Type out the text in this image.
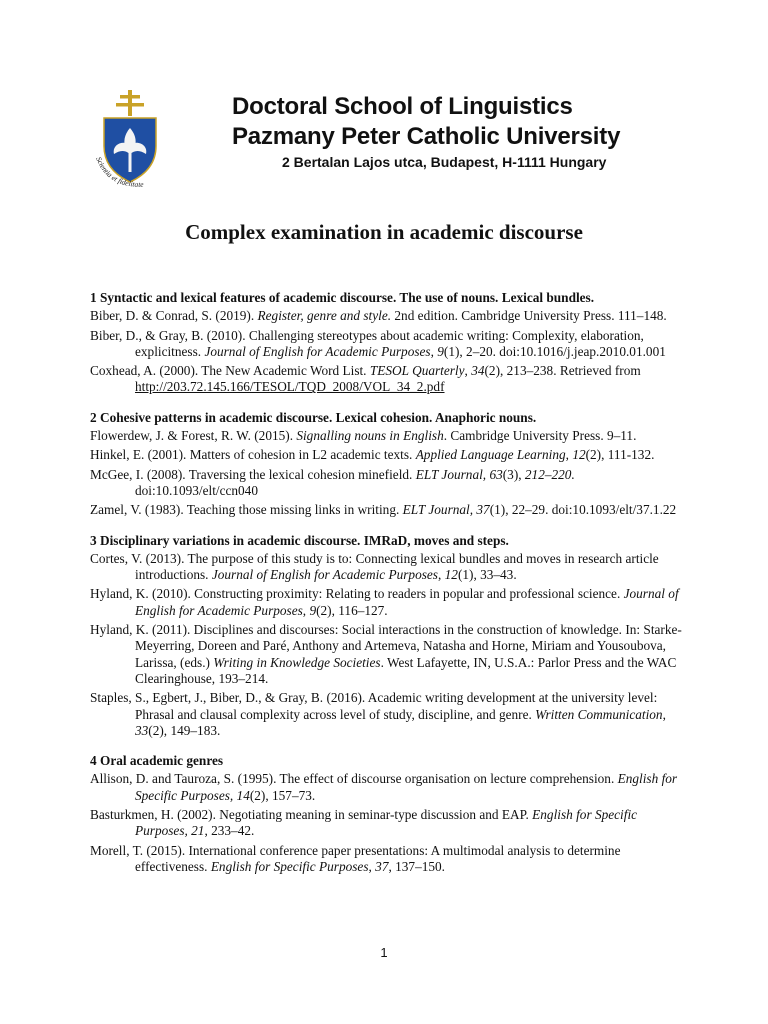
Scientia et fidelitate
Doctoral School of Linguistics
Pazmany Peter Catholic University
2 Bertalan Lajos utca, Budapest, H-1111 Hungary
Complex examination in academic discourse
1 Syntactic and lexical features of academic discourse. The use of nouns. Lexical bundles.
Biber, D. & Conrad, S. (2019). Register, genre and style. 2nd edition. Cambridge University Press. 111–148.
Biber, D., & Gray, B. (2010). Challenging stereotypes about academic writing: Complexity, elaboration, explicitness. Journal of English for Academic Purposes, 9(1), 2–20. doi:10.1016/j.jeap.2010.01.001
Coxhead, A. (2000). The New Academic Word List. TESOL Quarterly, 34(2), 213–238. Retrieved from http://203.72.145.166/TESOL/TQD_2008/VOL_34_2.pdf
2 Cohesive patterns in academic discourse. Lexical cohesion. Anaphoric nouns.
Flowerdew, J. & Forest, R. W. (2015). Signalling nouns in English. Cambridge University Press. 9–11.
Hinkel, E. (2001). Matters of cohesion in L2 academic texts. Applied Language Learning, 12(2), 111-132.
McGee, I. (2008). Traversing the lexical cohesion minefield. ELT Journal, 63(3), 212–220. doi:10.1093/elt/ccn040
Zamel, V. (1983). Teaching those missing links in writing. ELT Journal, 37(1), 22–29. doi:10.1093/elt/37.1.22
3 Disciplinary variations in academic discourse. IMRaD, moves and steps.
Cortes, V. (2013). The purpose of this study is to: Connecting lexical bundles and moves in research article introductions. Journal of English for Academic Purposes, 12(1), 33–43.
Hyland, K. (2010). Constructing proximity: Relating to readers in popular and professional science. Journal of English for Academic Purposes, 9(2), 116–127.
Hyland, K. (2011). Disciplines and discourses: Social interactions in the construction of knowledge. In: Starke-Meyerring, Doreen and Paré, Anthony and Artemeva, Natasha and Horne, Miriam and Yousoubova, Larissa, (eds.) Writing in Knowledge Societies. West Lafayette, IN, U.S.A.: Parlor Press and the WAC Clearinghouse, 193–214.
Staples, S., Egbert, J., Biber, D., & Gray, B. (2016). Academic writing development at the university level: Phrasal and clausal complexity across level of study, discipline, and genre. Written Communication, 33(2), 149–183.
4 Oral academic genres
Allison, D. and Tauroza, S. (1995). The effect of discourse organisation on lecture comprehension. English for Specific Purposes, 14(2), 157–73.
Basturkmen, H. (2002). Negotiating meaning in seminar-type discussion and EAP. English for Specific Purposes, 21, 233–42.
Morell, T. (2015). International conference paper presentations: A multimodal analysis to determine effectiveness. English for Specific Purposes, 37, 137–150.
1
